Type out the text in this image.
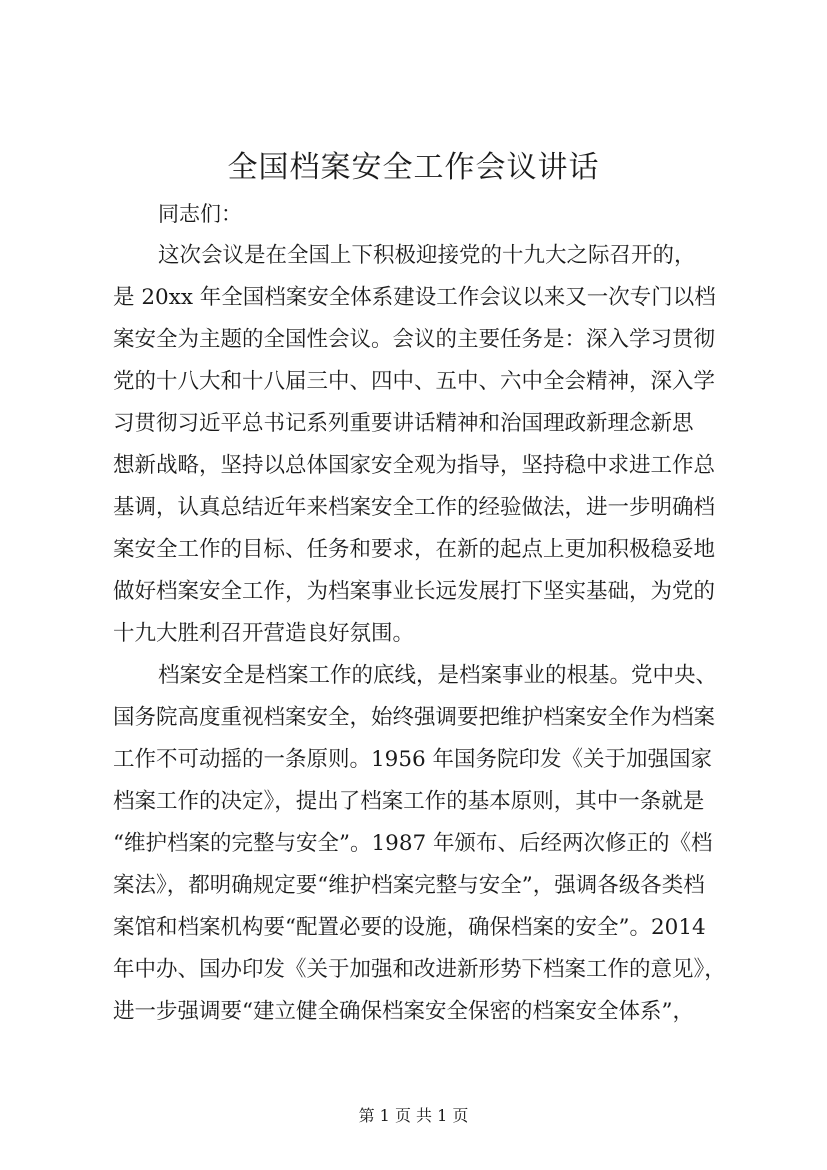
全国档案安全工作会议讲话

同志们：

这次会议是在全国上下积极迎接党的十九大之际召开的，

是 20xx 年全国档案安全体系建设工作会议以来又一次专门以档

案安全为主题的全国性会议。会议的主要任务是：深入学习贯彻

党的十八大和十八届三中、四中、五中、六中全会精神，深入学

习贯彻习近平总书记系列重要讲话精神和治国理政新理念新思

想新战略，坚持以总体国家安全观为指导，坚持稳中求进工作总

基调，认真总结近年来档案安全工作的经验做法，进一步明确档

案安全工作的目标、任务和要求，在新的起点上更加积极稳妥地

做好档案安全工作，为档案事业长远发展打下坚实基础，为党的

十九大胜利召开营造良好氛围。

档案安全是档案工作的底线，是档案事业的根基。党中央、

国务院高度重视档案安全，始终强调要把维护档案安全作为档案

工作不可动摇的一条原则。1956 年国务院印发《关于加强国家

档案工作的决定》，提出了档案工作的基本原则，其中一条就是

“维护档案的完整与安全”。1987 年颁布、后经两次修正的《档

案法》，都明确规定要“维护档案完整与安全”，强调各级各类档

案馆和档案机构要“配置必要的设施，确保档案的安全”。2014

年中办、国办印发《关于加强和改进新形势下档案工作的意见》，

进一步强调要“建立健全确保档案安全保密的档案安全体系”，

第 1 页 共 1 页
